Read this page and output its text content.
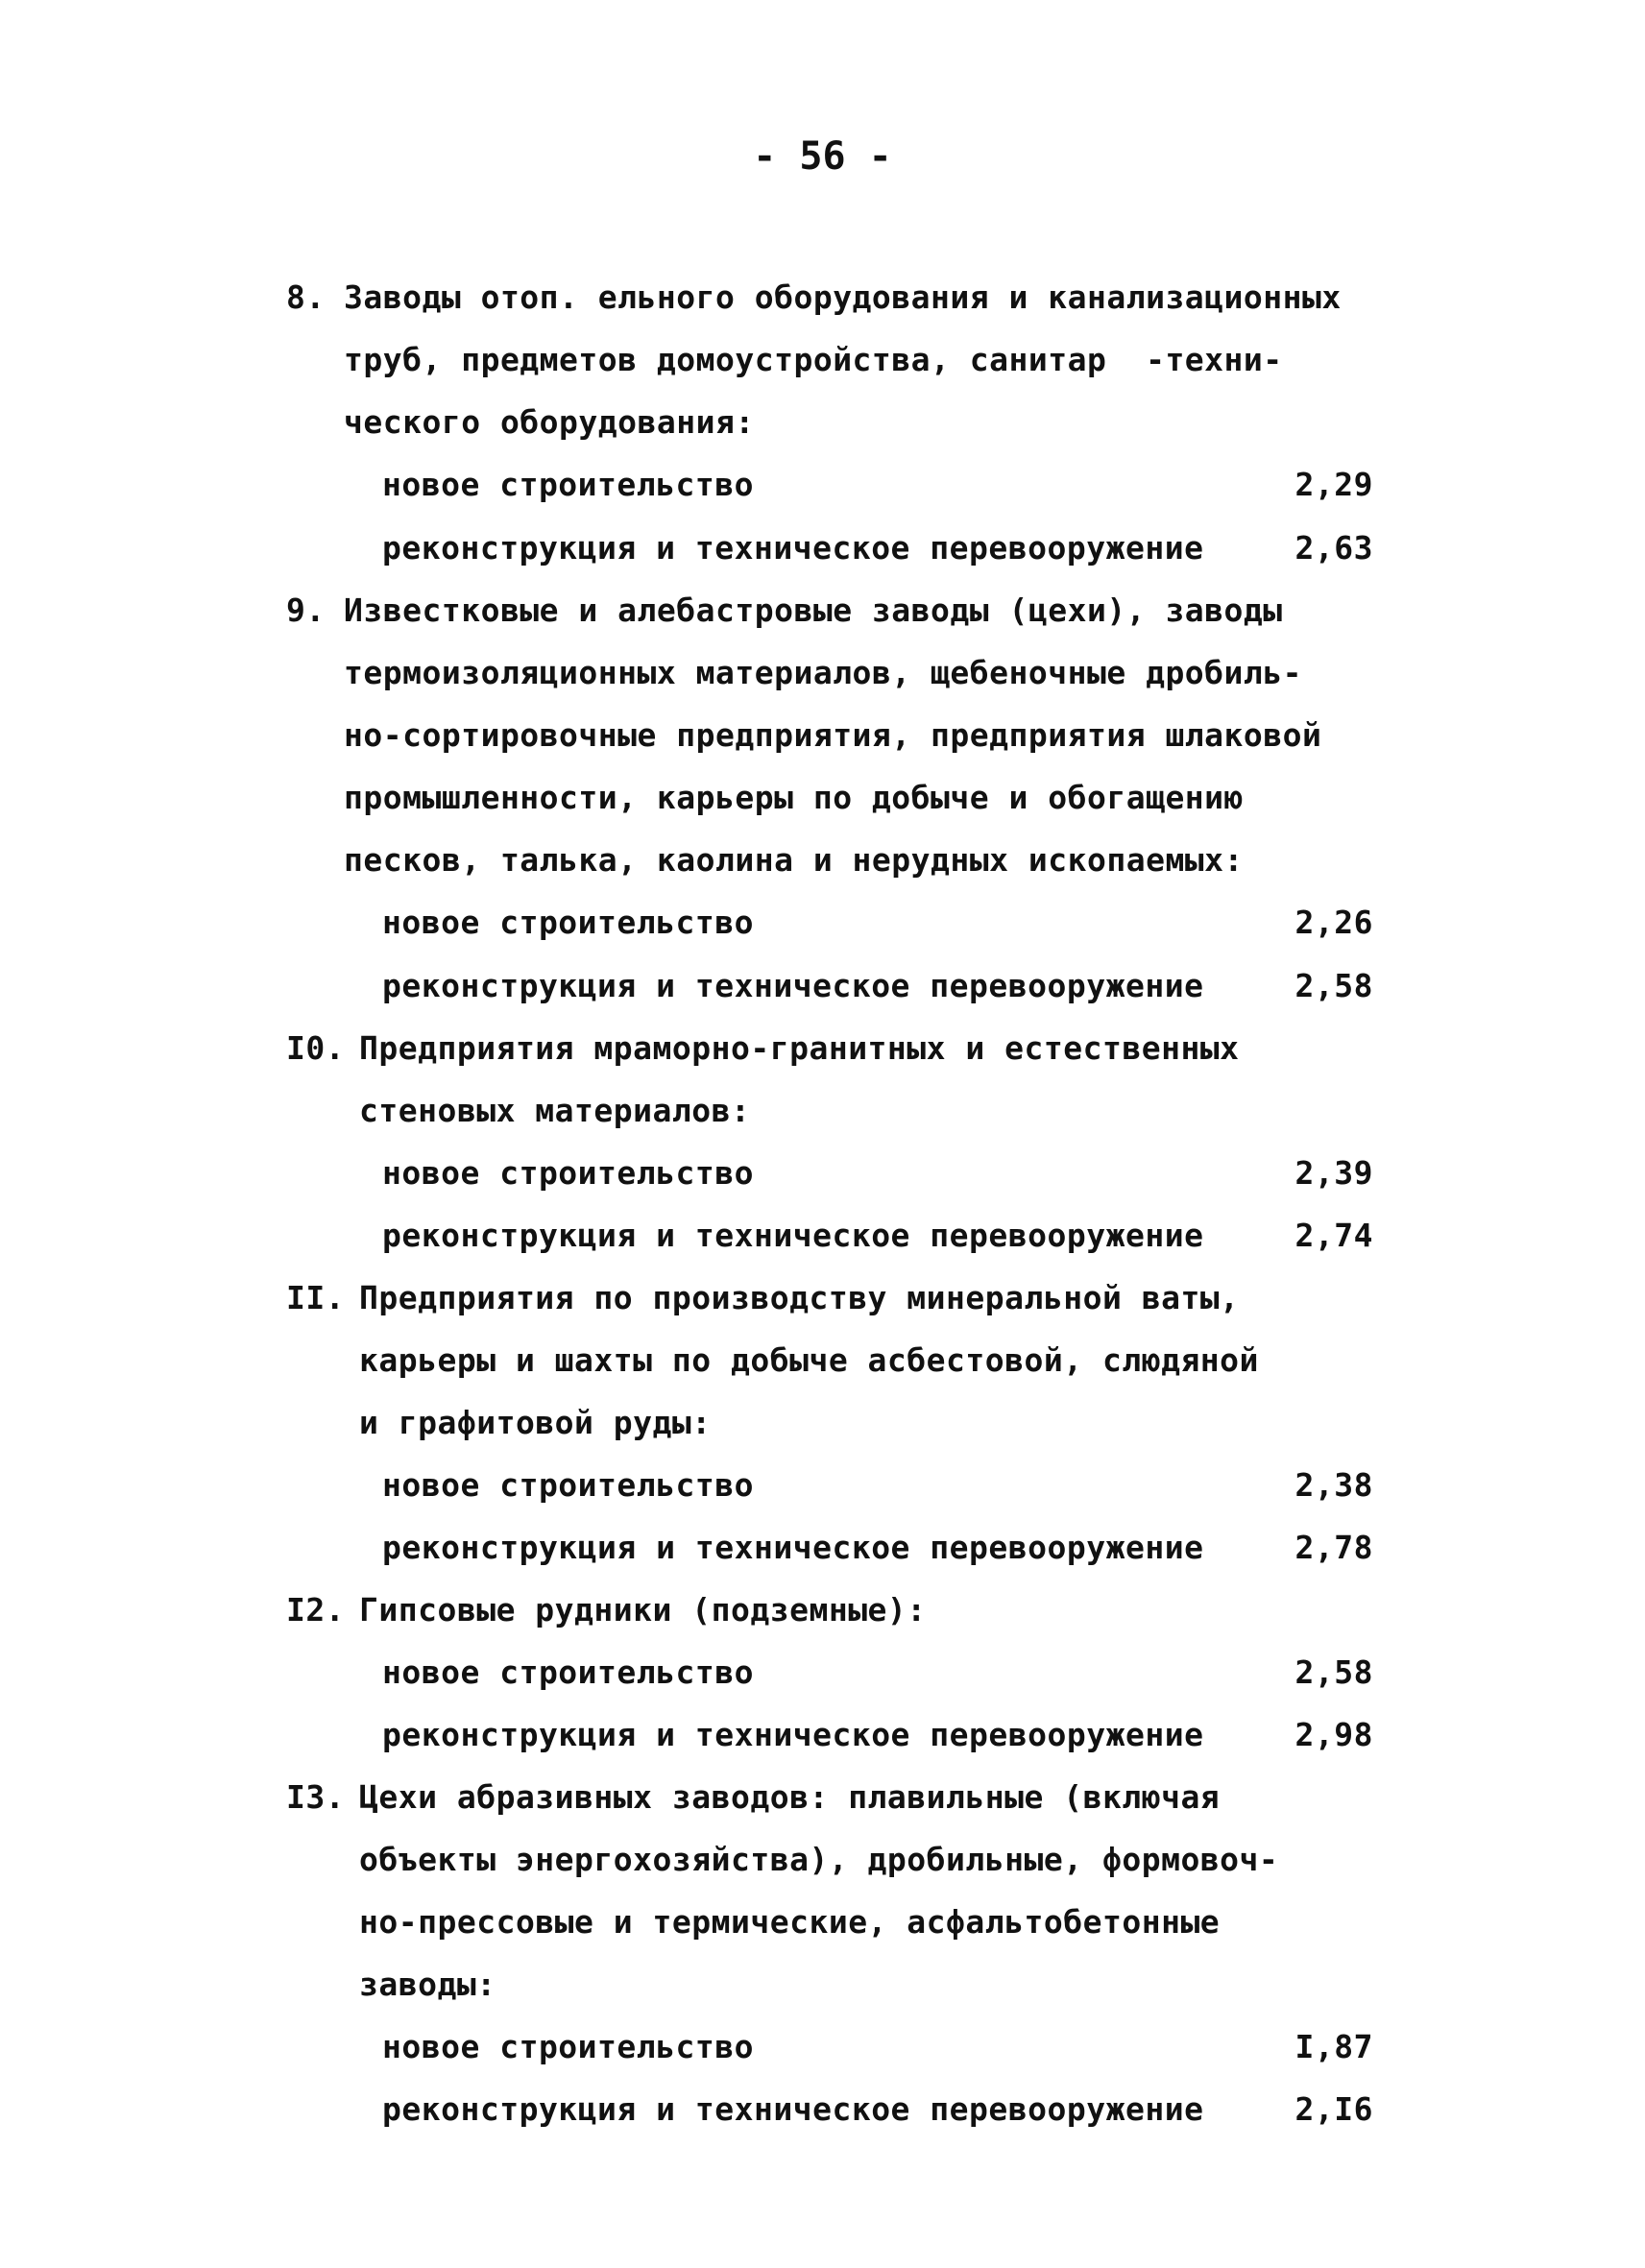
- 56 -
8. Заводы отоп. ельного оборудования и канализационных
труб, предметов домоустройства, санитар  -техни-
ческого оборудования:
новое строительство	2,29
реконструкция и техническое перевооружение	2,63
9. Известковые и алебастровые заводы (цехи), заводы
термоизоляционных материалов, щебеночные дробиль-
но-сортировочные предприятия, предприятия шлаковой
промышленности, карьеры по добыче и обогащению
песков, талька, каолина и нерудных ископаемых:
новое строительство	2,26
реконструкция и техническое перевооружение	2,58
I0. Предприятия мраморно-гранитных и естественных
стеновых материалов:
новое строительство	2,39
реконструкция и техническое перевооружение	2,74
II. Предприятия по производству минеральной ваты,
карьеры и шахты по добыче асбестовой, слюдяной
и графитовой руды:
новое строительство	2,38
реконструкция и техническое перевооружение	2,78
I2. Гипсовые рудники (подземные):
новое строительство	2,58
реконструкция и техническое перевооружение	2,98
I3. Цехи абразивных заводов: плавильные (включая
объекты энергохозяйства), дробильные, формовоч-
но-прессовые и термические, асфальтобетонные
заводы:
новое строительство	I,87
реконструкция и техническое перевооружение	2,I6
